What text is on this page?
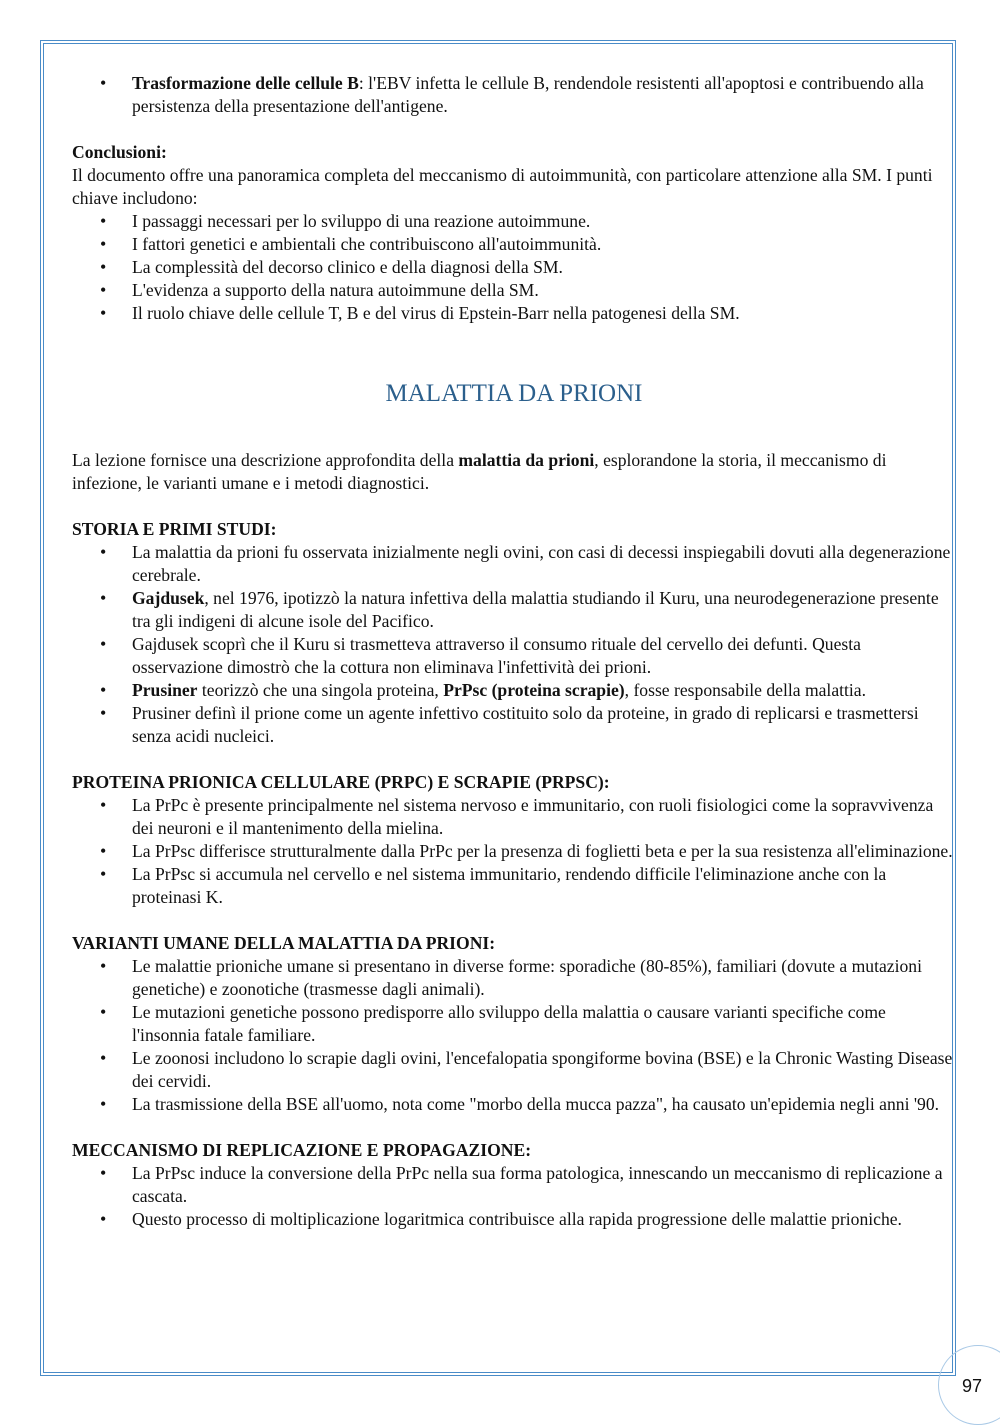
• Trasformazione delle cellule B: l'EBV infetta le cellule B, rendendole resistenti all'apoptosi e contribuendo alla persistenza della presentazione dell'antigene.

Conclusioni:

Il documento offre una panoramica completa del meccanismo di autoimmunità, con particolare attenzione alla SM. I punti chiave includono:

• I passaggi necessari per lo sviluppo di una reazione autoimmune.
• I fattori genetici e ambientali che contribuiscono all'autoimmunità.
• La complessità del decorso clinico e della diagnosi della SM.
• L'evidenza a supporto della natura autoimmune della SM.
• Il ruolo chiave delle cellule T, B e del virus di Epstein-Barr nella patogenesi della SM.
MALATTIA DA PRIONI

La lezione fornisce una descrizione approfondita della malattia da prioni, esplorandone la storia, il meccanismo di infezione, le varianti umane e i metodi diagnostici.

STORIA E PRIMI STUDI:

• La malattia da prioni fu osservata inizialmente negli ovini, con casi di decessi inspiegabili dovuti alla degenerazione cerebrale.
• Gajdusek, nel 1976, ipotizzò la natura infettiva della malattia studiando il Kuru, una neurodegenerazione presente tra gli indigeni di alcune isole del Pacifico.
• Gajdusek scoprì che il Kuru si trasmetteva attraverso il consumo rituale del cervello dei defunti. Questa osservazione dimostrò che la cottura non eliminava l'infettività dei prioni.
• Prusiner teorizzò che una singola proteina, PrPsc (proteina scrapie), fosse responsabile della malattia.
• Prusiner definì il prione come un agente infettivo costituito solo da proteine, in grado di replicarsi e trasmettersi senza acidi nucleici.

PROTEINA PRIONICA CELLULARE (PRPC) E SCRAPIE (PRPSC):

• La PrPc è presente principalmente nel sistema nervoso e immunitario, con ruoli fisiologici come la sopravvivenza dei neuroni e il mantenimento della mielina.
• La PrPsc differisce strutturalmente dalla PrPc per la presenza di foglietti beta e per la sua resistenza all'eliminazione.
• La PrPsc si accumula nel cervello e nel sistema immunitario, rendendo difficile l'eliminazione anche con la proteinasi K.

VARIANTI UMANE DELLA MALATTIA DA PRIONI:

• Le malattie prioniche umane si presentano in diverse forme: sporadiche (80-85%), familiari (dovute a mutazioni genetiche) e zoonotiche (trasmesse dagli animali).
• Le mutazioni genetiche possono predisporre allo sviluppo della malattia o causare varianti specifiche come l'insonnia fatale familiare.
• Le zoonosi includono lo scrapie dagli ovini, l'encefalopatia spongiforme bovina (BSE) e la Chronic Wasting Disease dei cervidi.
• La trasmissione della BSE all'uomo, nota come "morbo della mucca pazza", ha causato un'epidemia negli anni '90.

MECCANISMO DI REPLICAZIONE E PROPAGAZIONE:

• La PrPsc induce la conversione della PrPc nella sua forma patologica, innescando un meccanismo di replicazione a cascata.
• Questo processo di moltiplicazione logaritmica contribuisce alla rapida progressione delle malattie prioniche.
97
